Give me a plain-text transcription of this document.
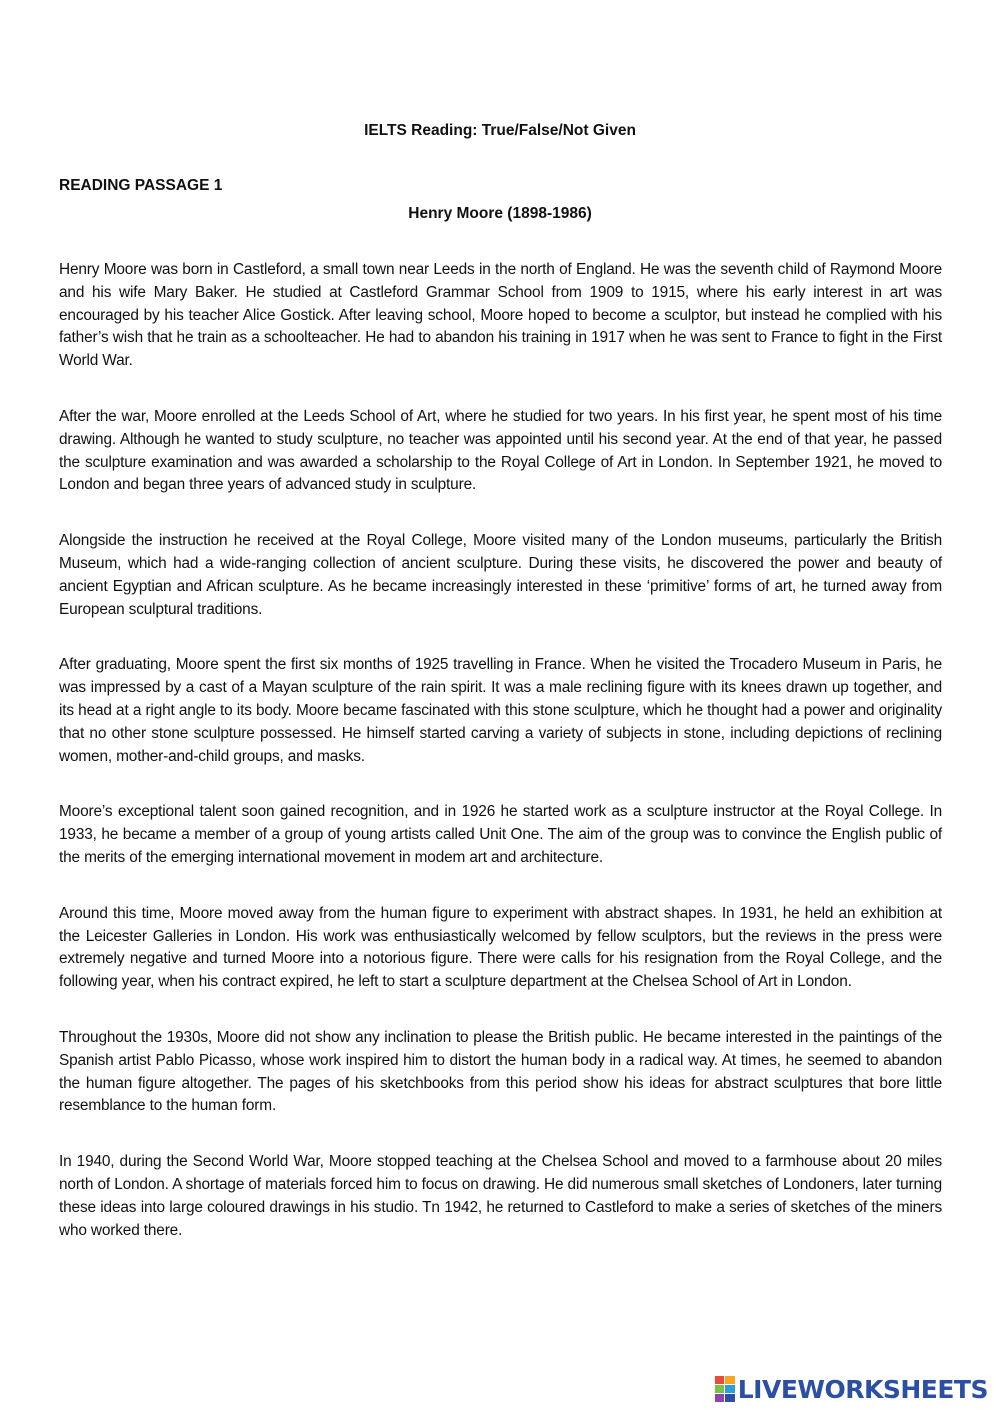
IELTS Reading: True/False/Not Given
READING PASSAGE 1
Henry Moore (1898-1986)

Henry Moore was born in Castleford, a small town near Leeds in the north of England. He was the seventh child of Raymond Moore and his wife Mary Baker. He studied at Castleford Grammar School from 1909 to 1915, where his early interest in art was encouraged by his teacher Alice Gostick. After leaving school, Moore hoped to become a sculptor, but instead he complied with his father’s wish that he train as a schoolteacher. He had to abandon his training in 1917 when he was sent to France to fight in the First World War.

After the war, Moore enrolled at the Leeds School of Art, where he studied for two years. In his first year, he spent most of his time drawing. Although he wanted to study sculpture, no teacher was appointed until his second year. At the end of that year, he passed the sculpture examination and was awarded a scholarship to the Royal College of Art in London. In September 1921, he moved to London and began three years of advanced study in sculpture.

Alongside the instruction he received at the Royal College, Moore visited many of the London museums, particularly the British Museum, which had a wide-ranging collection of ancient sculpture. During these visits, he discovered the power and beauty of ancient Egyptian and African sculpture. As he became increasingly interested in these ‘primitive’ forms of art, he turned away from European sculptural traditions.

After graduating, Moore spent the first six months of 1925 travelling in France. When he visited the Trocadero Museum in Paris, he was impressed by a cast of a Mayan sculpture of the rain spirit. It was a male reclining figure with its knees drawn up together, and its head at a right angle to its body. Moore became fascinated with this stone sculpture, which he thought had a power and originality that no other stone sculpture possessed. He himself started carving a variety of subjects in stone, including depictions of reclining women, mother-and-child groups, and masks.

Moore’s exceptional talent soon gained recognition, and in 1926 he started work as a sculpture instructor at the Royal College. In 1933, he became a member of a group of young artists called Unit One. The aim of the group was to convince the English public of the merits of the emerging international movement in modem art and architecture.

Around this time, Moore moved away from the human figure to experiment with abstract shapes. In 1931, he held an exhibition at the Leicester Galleries in London. His work was enthusiastically welcomed by fellow sculptors, but the reviews in the press were extremely negative and turned Moore into a notorious figure. There were calls for his resignation from the Royal College, and the following year, when his contract expired, he left to start a sculpture department at the Chelsea School of Art in London.

Throughout the 1930s, Moore did not show any inclination to please the British public. He became interested in the paintings of the Spanish artist Pablo Picasso, whose work inspired him to distort the human body in a radical way. At times, he seemed to abandon the human figure altogether. The pages of his sketchbooks from this period show his ideas for abstract sculptures that bore little resemblance to the human form.

In 1940, during the Second World War, Moore stopped teaching at the Chelsea School and moved to a farmhouse about 20 miles north of London. A shortage of materials forced him to focus on drawing. He did numerous small sketches of Londoners, later turning these ideas into large coloured drawings in his studio. Tn 1942, he returned to Castleford to make a series of sketches of the miners who worked there.

LIVEWORKSHEETS
